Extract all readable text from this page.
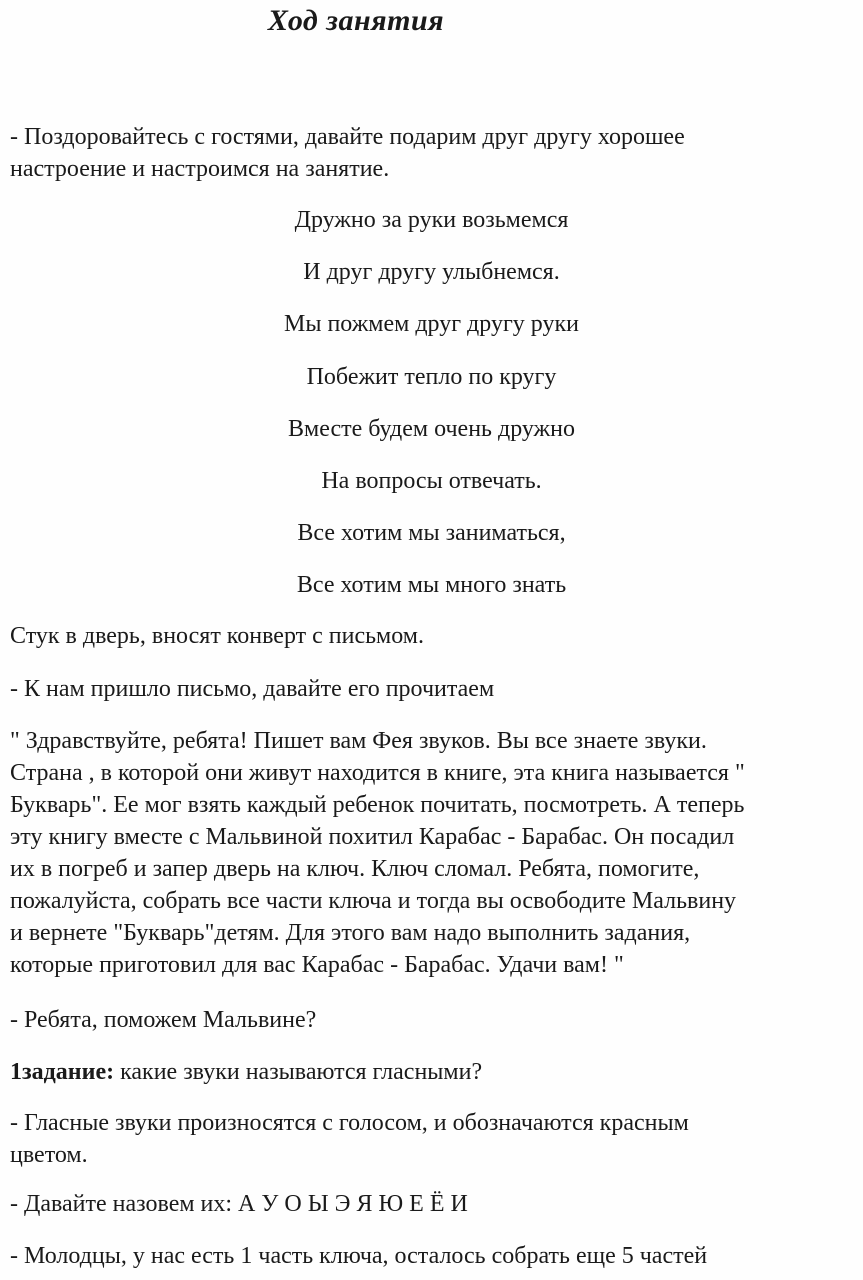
Ход занятия

- Поздоровайтесь с гостями, давайте подарим друг другу хорошее
настроение и настроимся на занятие.

Дружно за руки возьмемся

И друг другу улыбнемся.

Мы пожмем друг другу руки

Побежит тепло по кругу

Вместе будем очень дружно

На вопросы отвечать.

Все хотим мы заниматься,

Все хотим мы много знать

Стук в дверь, вносят конверт с письмом.

- К нам пришло письмо, давайте его прочитаем

" Здравствуйте, ребята! Пишет вам Фея звуков. Вы все знаете звуки.
Страна , в которой они живут находится в книге, эта книга называется "
Букварь". Ее мог взять каждый ребенок почитать, посмотреть. А теперь
эту книгу вместе с Мальвиной похитил Карабас - Барабас. Он посадил
их в погреб и запер дверь на ключ. Ключ сломал. Ребята, помогите,
пожалуйста, собрать все части ключа и тогда вы освободите Мальвину
и вернете "Букварь"детям. Для этого вам надо выполнить задания,
которые приготовил для вас Карабас - Барабас. Удачи вам! "

- Ребята, поможем Мальвине?

1задание: какие звуки называются гласными?

- Гласные звуки произносятся с голосом, и обозначаются красным
цветом.

- Давайте назовем их: А У О Ы Э Я Ю Е Ё И

- Молодцы, у нас есть 1 часть ключа, осталось собрать еще 5 частей
